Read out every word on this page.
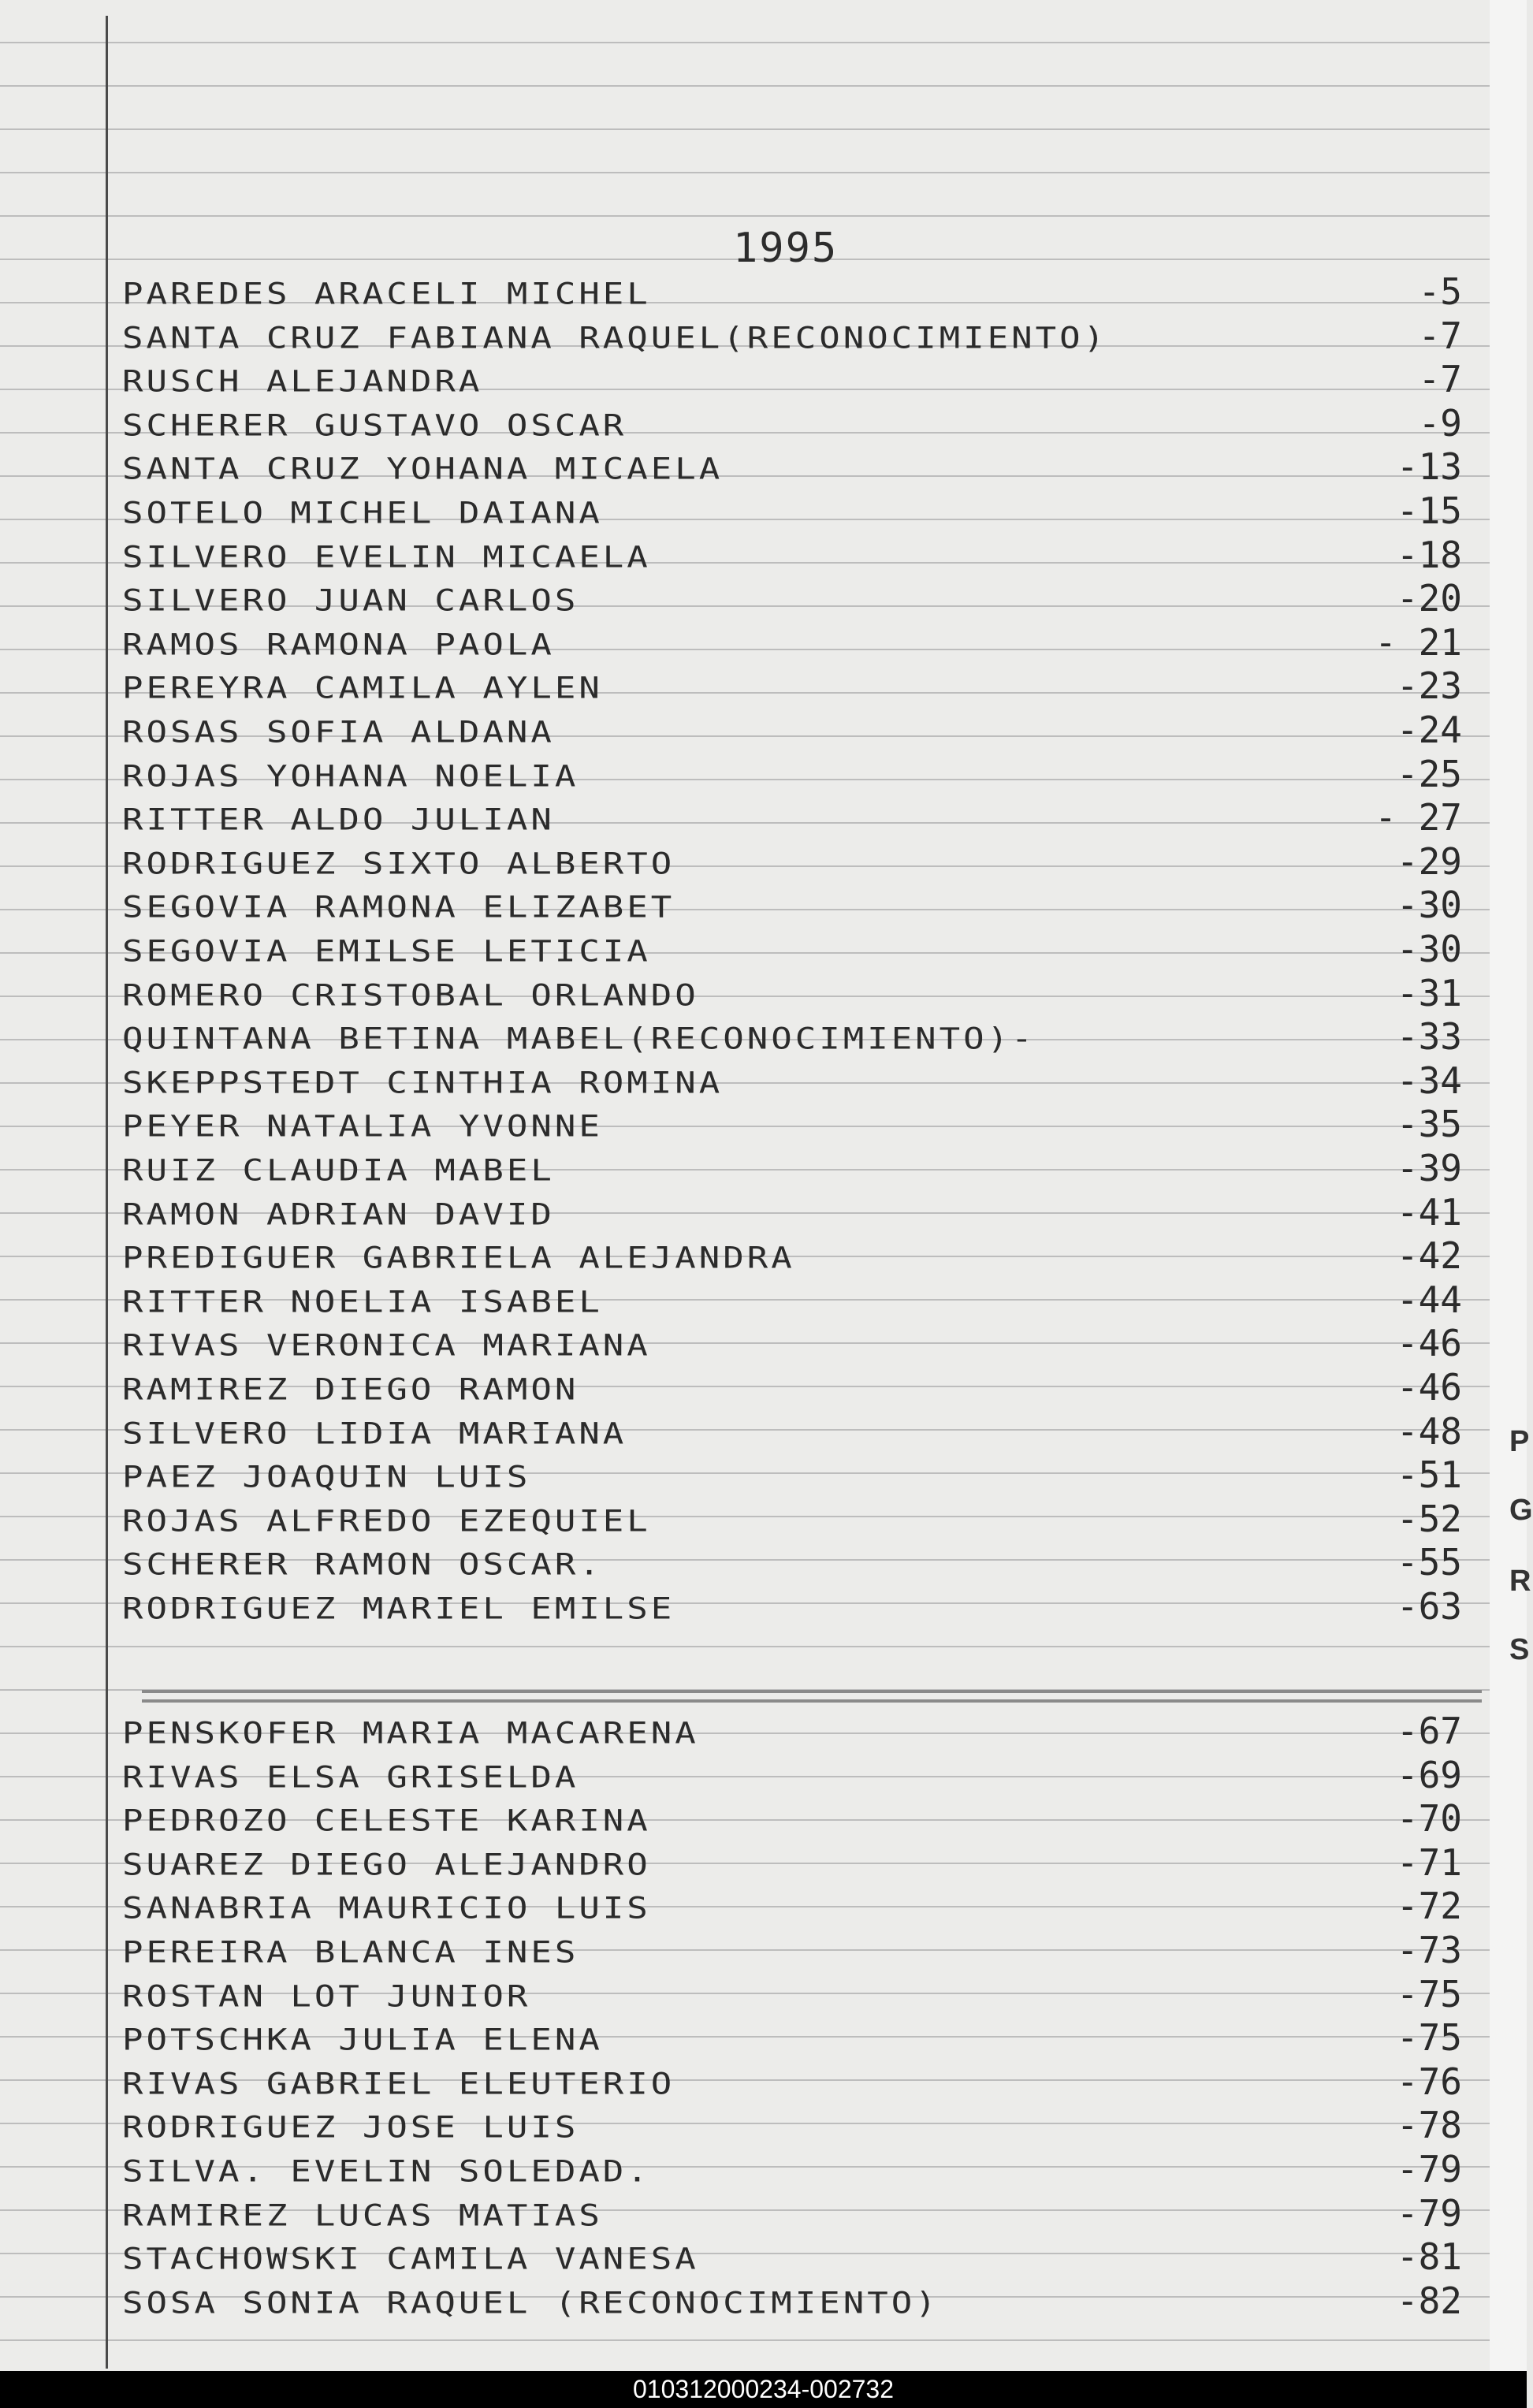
1995
PAREDES ARACELI MICHEL	-5
SANTA CRUZ FABIANA RAQUEL(RECONOCIMIENTO)	-7
RUSCH ALEJANDRA	-7
SCHERER GUSTAVO OSCAR	-9
SANTA CRUZ YOHANA MICAELA	-13
SOTELO MICHEL DAIANA	-15
SILVERO EVELIN MICAELA	-18
SILVERO JUAN CARLOS	-20
RAMOS RAMONA PAOLA	- 21
PEREYRA CAMILA AYLEN	-23
ROSAS SOFIA ALDANA	-24
ROJAS YOHANA NOELIA	-25
RITTER ALDO JULIAN	- 27
RODRIGUEZ SIXTO ALBERTO	-29
SEGOVIA RAMONA ELIZABET	-30
SEGOVIA EMILSE LETICIA	-30
ROMERO CRISTOBAL ORLANDO	-31
QUINTANA BETINA MABEL(RECONOCIMIENTO)-	-33
SKEPPSTEDT CINTHIA ROMINA	-34
PEYER NATALIA YVONNE	-35
RUIZ CLAUDIA MABEL	-39
RAMON ADRIAN DAVID	-41
PREDIGUER GABRIELA ALEJANDRA	-42
RITTER NOELIA ISABEL	-44
RIVAS VERONICA MARIANA	-46
RAMIREZ DIEGO RAMON	-46
SILVERO LIDIA MARIANA	-48
PAEZ JOAQUIN LUIS	-51
ROJAS ALFREDO EZEQUIEL	-52
SCHERER RAMON OSCAR.	-55
RODRIGUEZ MARIEL EMILSE	-63
PENSKOFER MARIA MACARENA	-67
RIVAS ELSA GRISELDA	-69
PEDROZO CELESTE KARINA	-70
SUAREZ DIEGO ALEJANDRO	-71
SANABRIA MAURICIO LUIS	-72
PEREIRA BLANCA INES	-73
ROSTAN LOT JUNIOR	-75
POTSCHKA JULIA ELENA	-75
RIVAS GABRIEL ELEUTERIO	-76
RODRIGUEZ JOSE LUIS	-78
SILVA. EVELIN SOLEDAD.	-79
RAMIREZ LUCAS MATIAS	-79
STACHOWSKI CAMILA VANESA	-81
SOSA SONIA RAQUEL (RECONOCIMIENTO)	-82
P
G
R
S
010312000234-002732
